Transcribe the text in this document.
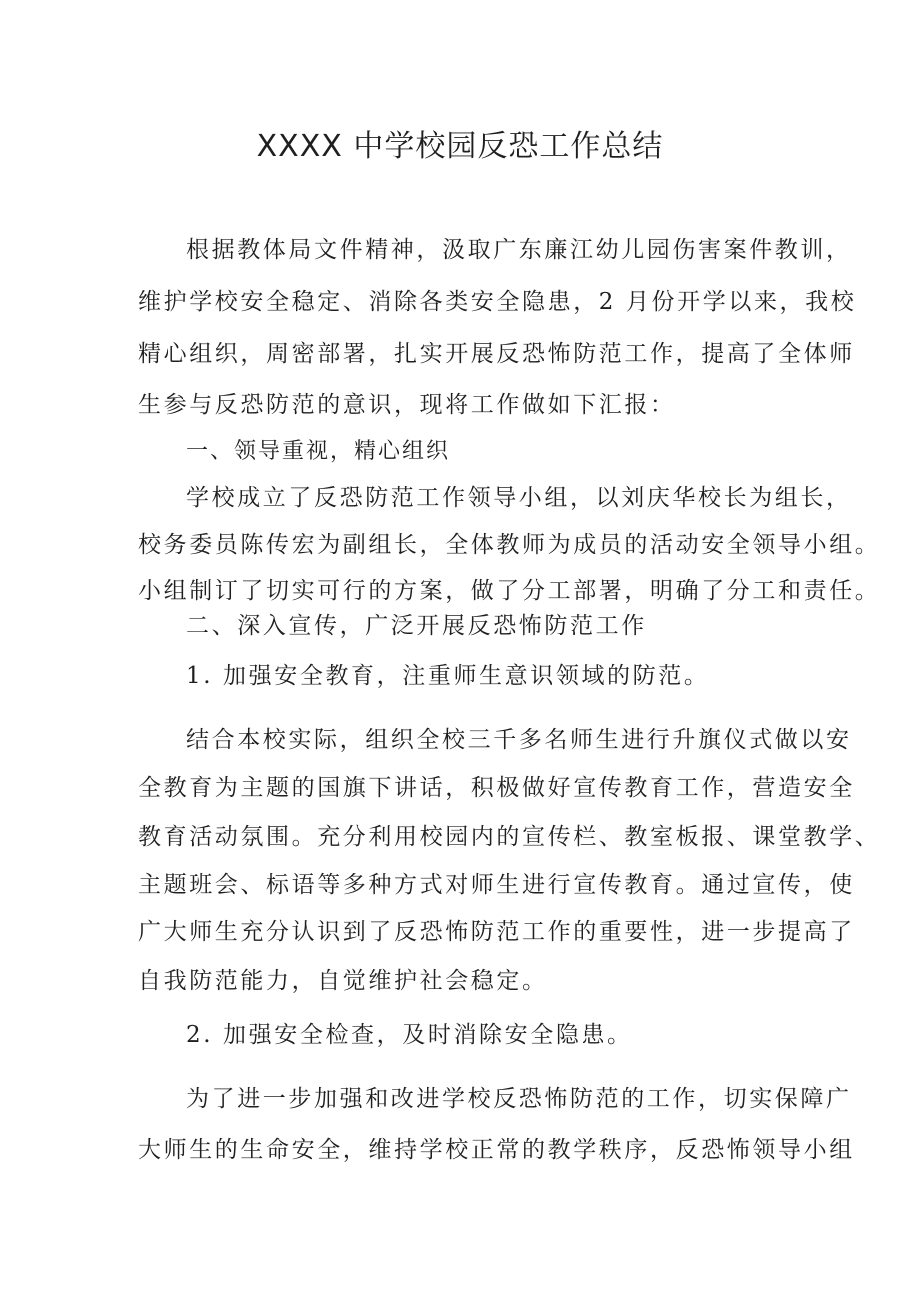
XXXX 中学校园反恐工作总结
根据教体局文件精神，汲取广东廉江幼儿园伤害案件教训，
维护学校安全稳定、消除各类安全隐患，2 月份开学以来，我校
精心组织，周密部署，扎实开展反恐怖防范工作，提高了全体师
生参与反恐防范的意识，现将工作做如下汇报：
一、领导重视，精心组织
学校成立了反恐防范工作领导小组，以刘庆华校长为组长，
校务委员陈传宏为副组长，全体教师为成员的活动安全领导小组。
小组制订了切实可行的方案，做了分工部署，明确了分工和责任。
二、深入宣传，广泛开展反恐怖防范工作
1. 加强安全教育，注重师生意识领域的防范。
结合本校实际，组织全校三千多名师生进行升旗仪式做以安
全教育为主题的国旗下讲话，积极做好宣传教育工作，营造安全
教育活动氛围。充分利用校园内的宣传栏、教室板报、课堂教学、
主题班会、标语等多种方式对师生进行宣传教育。通过宣传，使
广大师生充分认识到了反恐怖防范工作的重要性，进一步提高了
自我防范能力，自觉维护社会稳定。
2. 加强安全检查，及时消除安全隐患。
为了进一步加强和改进学校反恐怖防范的工作，切实保障广
大师生的生命安全，维持学校正常的教学秩序，反恐怖领导小组
